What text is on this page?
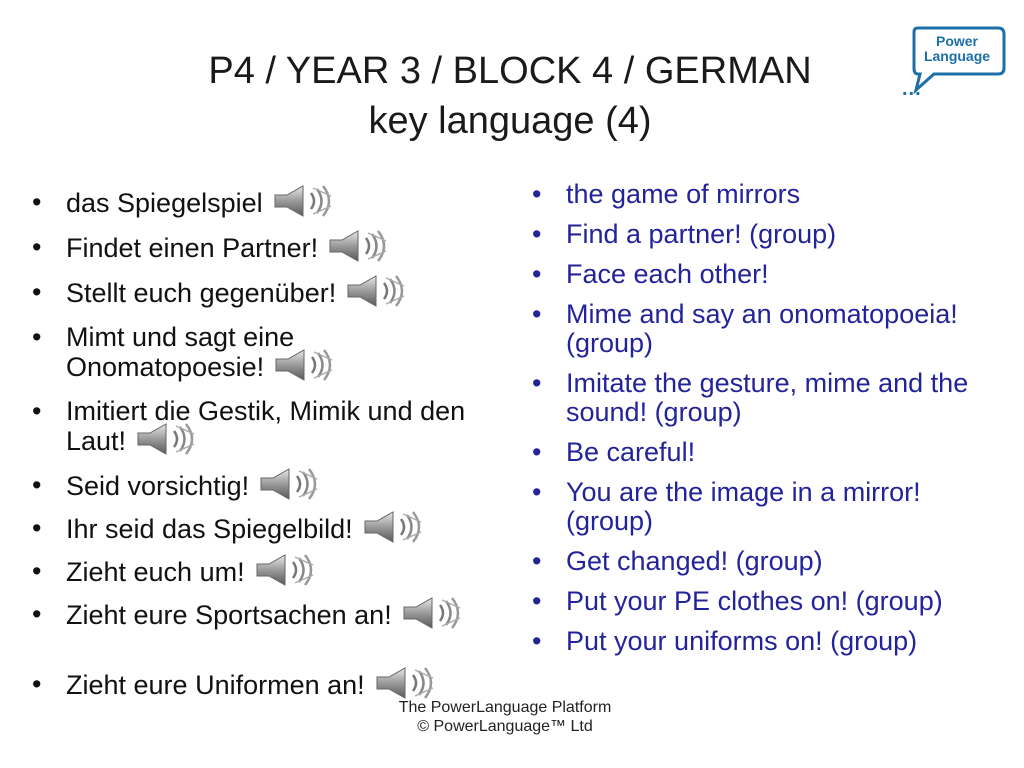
P4 / YEAR 3 / BLOCK 4 / GERMAN
key language (4)
Power
Language
...
• das Spiegelspiel
• Findet einen Partner!
• Stellt euch gegenüber!
• Mimt und sagt eine Onomatopoesie!
• Imitiert die Gestik, Mimik und den Laut!
• Seid vorsichtig!
• Ihr seid das Spiegelbild!
• Zieht euch um!
• Zieht eure Sportsachen an!
• Zieht eure Uniformen an!
• the game of mirrors
• Find a partner! (group)
• Face each other!
• Mime and say an onomatopoeia! (group)
• Imitate the gesture, mime and the sound! (group)
• Be careful!
• You are the image in a mirror! (group)
• Get changed! (group)
• Put your PE clothes on! (group)
• Put your uniforms on! (group)
The PowerLanguage Platform
© PowerLanguage™ Ltd
